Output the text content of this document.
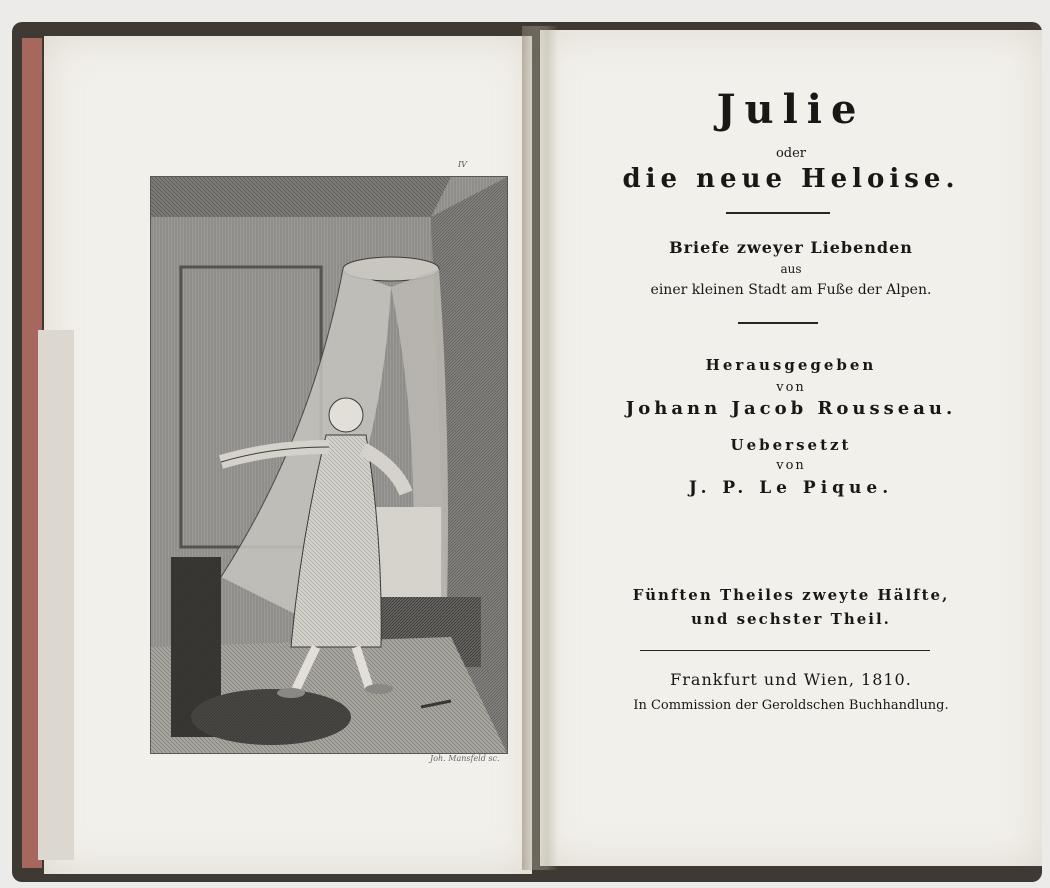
IV
Joh. Mansfeld sc.
Julie
oder
die neue Heloise.
Briefe zweyer Liebenden
aus
einer kleinen Stadt am Fuße der Alpen.
Herausgegeben
von
Johann Jacob Rousseau.
Uebersetzt
von
J. P. Le Pique.
Fünften Theiles zweyte Hälfte,
und sechster Theil.
Frankfurt und Wien, 1810.
In Commission der Geroldschen Buchhandlung.
